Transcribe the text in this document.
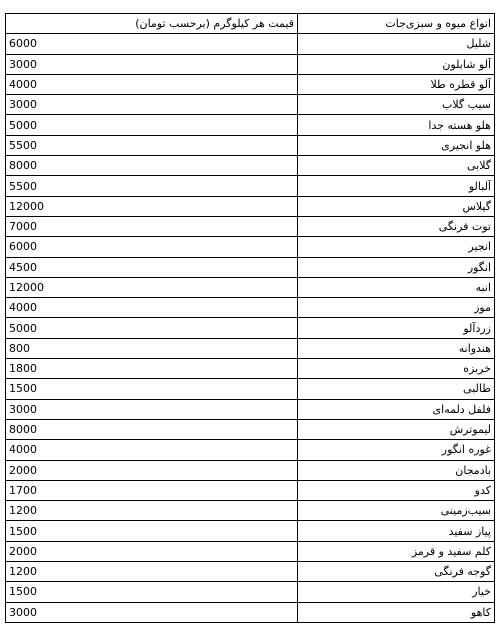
انواع میوه و سبزی‌جات	قیمت هر کیلوگرم (برحسب تومان)
شلیل	6000
آلو شابلون	3000
آلو قطره طلا	4000
سیب گلاب	3000
هلو هسته جدا	5000
هلو انجیری	5500
گلابی	8000
آلبالو	5500
گیلاس	12000
توت فرنگی	7000
انجیر	6000
انگور	4500
انبه	12000
موز	4000
زردآلو	5000
هندوانه	800
خربزه	1800
طالبی	1500
فلفل دلمه‌ای	3000
لیموترش	8000
غوره انگور	4000
بادمجان	2000
کدو	1700
سیب‌زمینی	1200
پیاز سفید	1500
کلم سفید و قرمز	2000
گوجه فرنگی	1200
خیار	1500
کاهو	3000
